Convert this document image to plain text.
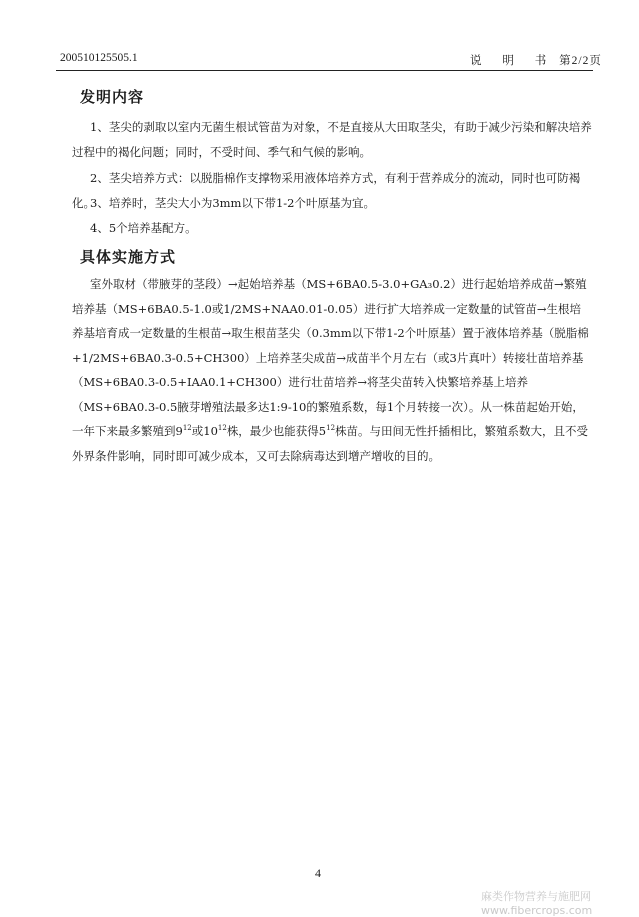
200510125505.1	说 明 书 第2/2页
发明内容
1、茎尖的剥取以室内无菌生根试管苗为对象，不是直接从大田取茎尖，有助于减少污染和解决培养过程中的褐化问题；同时，不受时间、季气和气候的影响。
2、茎尖培养方式：以脱脂棉作支撑物采用液体培养方式，有利于营养成分的流动，同时也可防褐化。
3、培养时，茎尖大小为3mm以下带1-2个叶原基为宜。
4、5个培养基配方。
具体实施方式
室外取材（带腋芽的茎段）→起始培养基（MS+6BA0.5-3.0+GA₃0.2）进行起始培养成苗→繁殖培养基（MS+6BA0.5-1.0或1/2MS+NAA0.01-0.05）进行扩大培养成一定数量的试管苗→生根培养基培育成一定数量的生根苗→取生根苗茎尖（0.3mm以下带1-2个叶原基）置于液体培养基（脱脂棉+1/2MS+6BA0.3-0.5+CH300）上培养茎尖成苗→成苗半个月左右（或3片真叶）转接壮苗培养基（MS+6BA0.3-0.5+IAA0.1+CH300）进行壮苗培养→将茎尖苗转入快繁培养基上培养（MS+6BA0.3-0.5腋芽增殖法最多达1:9-10的繁殖系数，每1个月转接一次）。从一株苗起始开始，一年下来最多繁殖到$9^{12}$或$10^{12}$株，最少也能获得$5^{12}$株苗。与田间无性扦插相比，繁殖系数大，且不受外界条件影响，同时即可减少成本，又可去除病毒达到增产增收的目的。
4
麻类作物营养与施肥网 www.fibercrops.com
